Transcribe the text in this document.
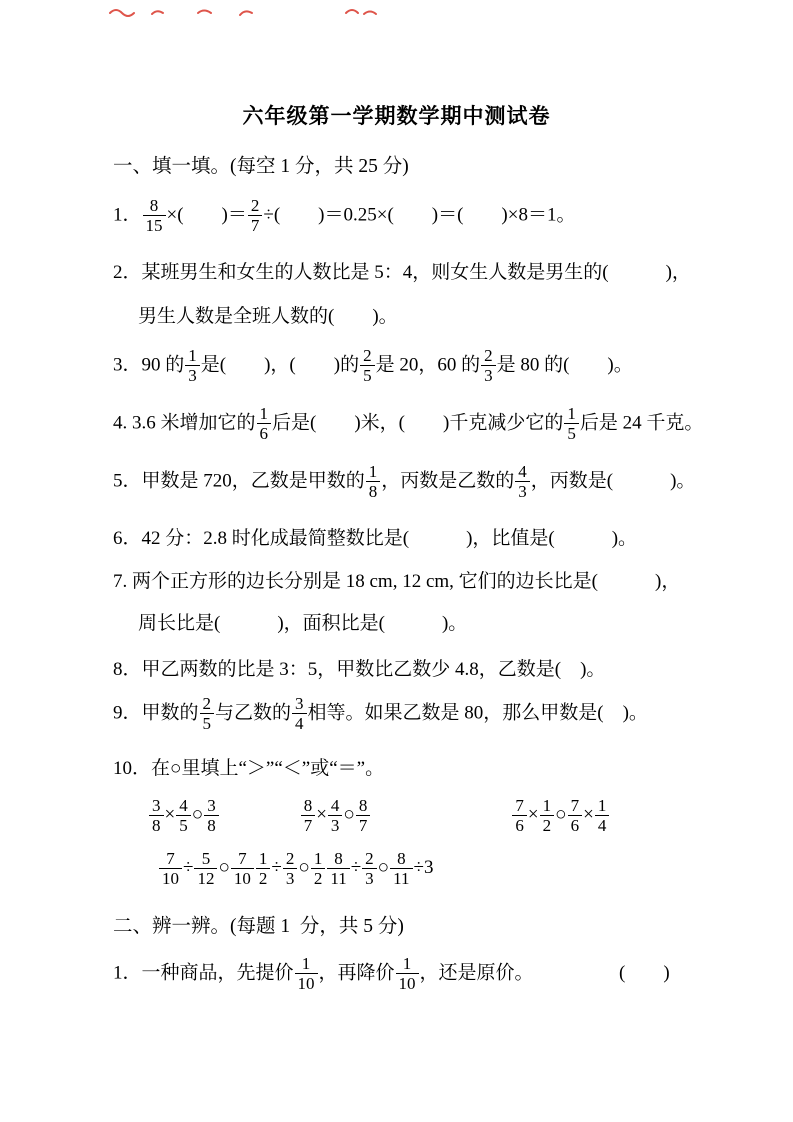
六年级第一学期数学期中测试卷
一、填一填。(每空 1 分，共 25 分)
1． $\frac{8}{15}$ ×(　　)＝ $\frac{2}{7}$ ÷(　　)＝0.25×(　　)＝(　　)×8＝1。
2．某班男生和女生的人数比是 5：4，则女生人数是男生的(　　　)，
男生人数是全班人数的(　　)。
3．90 的 $\frac{1}{3}$ 是(　　)，(　　)的 $\frac{2}{5}$ 是 20，60 的 $\frac{2}{3}$ 是 80 的(　　)。
4. 3.6 米增加它的 $\frac{1}{6}$ 后是(　　)米，(　　)千克减少它的 $\frac{1}{5}$ 后是 24 千克。
5．甲数是 720，乙数是甲数的 $\frac{1}{8}$ ，丙数是乙数的 $\frac{4}{3}$ ，丙数是(　　　)。
6．42 分：2.8 时化成最简整数比是(　　　)，比值是(　　　)。
7. 两个正方形的边长分别是 18 cm, 12 cm, 它们的边长比是(　　　)，
周长比是(　　　)，面积比是(　　　)。
8．甲乙两数的比是 3：5，甲数比乙数少 4.8，乙数是(　)。
9．甲数的 $\frac{2}{5}$ 与乙数的 $\frac{3}{4}$ 相等。如果乙数是 80，那么甲数是(　)。
10．在○里填上“＞”“＜”或“＝”。
$\frac{3}{8} \times \frac{4}{5}$ ○ $\frac{3}{8}$	$\frac{8}{7} \times \frac{4}{3}$ ○ $\frac{8}{7}$	$\frac{7}{6} \times \frac{1}{2}$ ○ $\frac{7}{6} \times \frac{1}{4}$
$\frac{7}{10} \div \frac{5}{12}$ ○ $\frac{7}{10} \frac{1}{2} \div \frac{2}{3}$ ○ $\frac{1}{2} \frac{8}{11} \div \frac{2}{3}$ ○ $\frac{8}{11} \div 3$
二、辨一辨。(每题 1  分，共 5 分)
1．一种商品，先提价 $\frac{1}{10}$ ，再降价 $\frac{1}{10}$ ，还是原价。　　　　　(　　)
